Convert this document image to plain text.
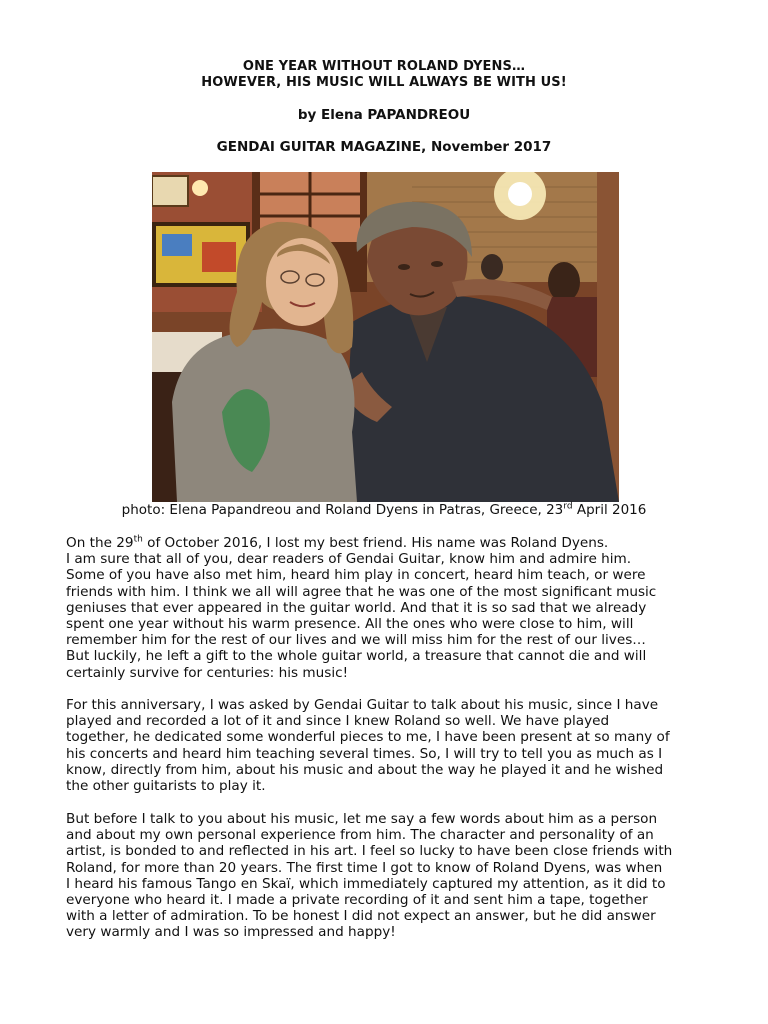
ONE YEAR WITHOUT ROLAND DYENS…
HOWEVER, HIS MUSIC WILL ALWAYS BE WITH US!
by Elena PAPANDREOU
GENDAI GUITAR MAGAZINE, November 2017
photo: Elena Papandreou and Roland Dyens in Patras, Greece, 23rd April 2016
On the 29th of October 2016, I lost my best friend. His name was Roland Dyens.
I am sure that all of you, dear readers of Gendai Guitar, know him and admire him.
Some of you have also met him, heard him play in concert, heard him teach, or were
friends with him. I think we all will agree that he was one of the most significant music
geniuses that ever appeared in the guitar world. And that it is so sad that we already
spent one year without his warm presence. All the ones who were close to him, will
remember him for the rest of our lives and we will miss him for the rest of our lives…
But luckily, he left a gift to the whole guitar world, a treasure that cannot die and will
certainly survive for centuries: his music!
For this anniversary, I was asked by Gendai Guitar to talk about his music, since I have
played and recorded a lot of it and since I knew Roland so well. We have played
together, he dedicated some wonderful pieces to me, I have been present at so many of
his concerts and heard him teaching several times. So, I will try to tell you as much as I
know, directly from him, about his music and about the way he played it and he wished
the other guitarists to play it.
But before I talk to you about his music, let me say a few words about him as a person
and about my own personal experience from him. The character and personality of an
artist, is bonded to and reflected in his art. I feel so lucky to have been close friends with
Roland, for more than 20 years. The first time I got to know of Roland Dyens, was when
I heard his famous Tango en Skaï, which immediately captured my attention, as it did to
everyone who heard it. I made a private recording of it and sent him a tape, together
with a letter of admiration. To be honest I did not expect an answer, but he did answer
very warmly and I was so impressed and happy!
